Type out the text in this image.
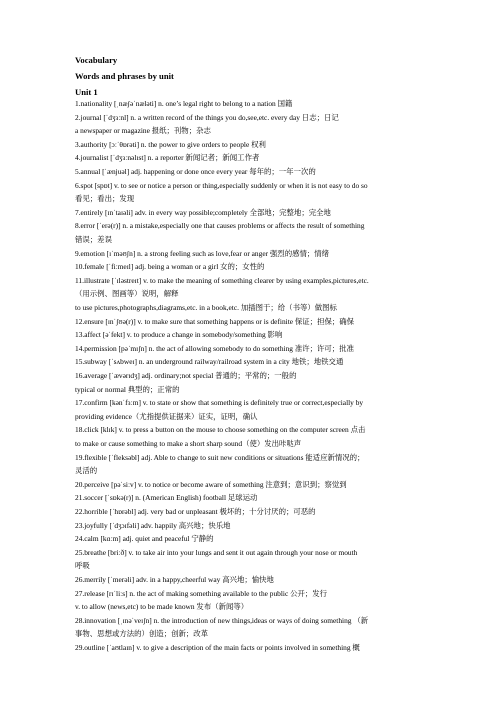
Vocabulary
Words and phrases by unit
Unit 1
1.nationality [ˌnæʃəˈnæləti] n. one’s legal right to belong to a nation 国籍
2.journal [ˈdʒɜːnl] n. a written record of the things you do,see,etc. every day 日志；日记
a newspaper or magazine 报纸；刊物；杂志
3.authority [ɔːˈθɒrəti] n. the power to give orders to people 权利
4.journalist [ˈdʒɜːnəlɪst] n. a reporter 新闻记者；新闻工作者
5.annual [ˈænjuəl] adj. happening or done once every year 每年的；一年一次的
6.spot [spɒt] v. to see or notice a person or thing,especially suddenly or when it is not easy to do so
看见；看出；发现
7.entirely [ɪnˈtaɪəli] adv. in every way possible;completely 全部地；完整地；完全地
8.error [ˈerə(r)] n. a mistake,especially one that causes problems or affects the result of something
错误；差误
9.emotion [ɪˈməʊʃn] n. a strong feeling such as love,fear or anger 强烈的感情；情绪
10.female [ˈfiːmeɪl] adj. being a woman or a girl 女的；女性的
11.illustrate [ˈɪləstreɪt] v. to make the meaning of something clearer by using examples,pictures,etc.
（用示例、图画等）说明，解释
to use pictures,photographs,diagrams,etc. in a book,etc. 加插图于；给（书等）做图标
12.ensure [ɪnˈʃʊə(r)] v. to make sure that something happens or is definite 保证；担保；确保
13.affect [əˈfekt] v. to produce a change in somebody/something 影响
14.permission [pəˈmɪʃn] n. the act of allowing somebody to do something 准许；许可；批准
15.subway [ˈsʌbweɪ] n. an underground railway/railroad system in a city 地铁；地铁交通
16.average [ˈævərɪdʒ] adj. ordinary;not special 普通的；平常的；一般的
typical or normal 典型的；正常的
17.confirm [kənˈfɜːm] v. to state or show that something is definitely true or correct,especially by
providing evidence（尤指提供证据来）证实，证明，确认
18.click [klɪk] v. to press a button on the mouse to choose something on the computer screen 点击
to make or cause something to make a short sharp sound（使）发出咔哒声
19.flexible [ˈfleksəbl] adj. Able to change to suit new conditions or situations 能适应新情况的；
灵活的
20.perceive [pəˈsiːv] v. to notice or become aware of something 注意到；意识到；察觉到
21.soccer [ˈsɒkə(r)] n. (American English) football 足球运动
22.horrible [ˈhɒrəbl] adj. very bad or unpleasant 极坏的；十分讨厌的；可恶的
23.joyfully [ˈdʒɔɪfəli] adv. happily 高兴地；快乐地
24.calm [kɑːm] adj. quiet and peaceful 宁静的
25.breathe [briːð] v. to take air into your lungs and sent it out again through your nose or mouth
呼吸
26.merrily [ˈmerəli] adv. in a happy,cheerful way 高兴地；愉快地
27.release [rɪˈliːs] n. the act of making something available to the public 公开；发行
v. to allow (news,etc) to be made known 发布（新闻等）
28.innovation [ˌɪnəˈveɪʃn] n. the introduction of new things,ideas or ways of doing something （新
事物、思想或方法的）创造；创新；改革
29.outline [ˈaʊtlaɪn] v. to give a description of the main facts or points involved in something 概
